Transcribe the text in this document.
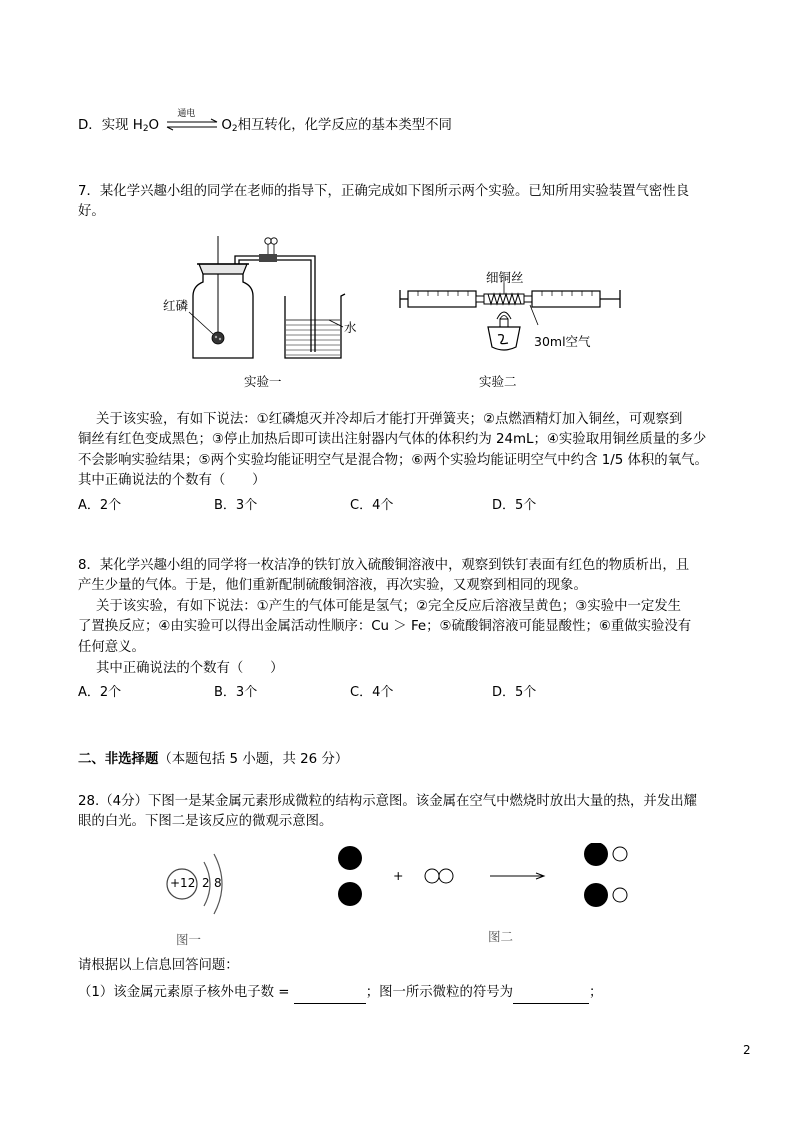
D．实现 $H_2O$
通电
$O_2$相互转化，化学反应的基本类型不同
7．某化学兴趣小组的同学在老师的指导下，正确完成如下图所示两个实验。已知所用实验装置气密性良
好。
红磷
水
实验一
细铜丝
30ml空气
实验二
关于该实验，有如下说法：①红磷熄灭并冷却后才能打开弹簧夹；②点燃酒精灯加入铜丝，可观察到
铜丝有红色变成黑色；③停止加热后即可读出注射器内气体的体积约为 24mL；④实验取用铜丝质量的多少
不会影响实验结果；⑤两个实验均能证明空气是混合物；⑥两个实验均能证明空气中约含 1/5 体积的氧气。
其中正确说法的个数有（　　）
A．2个	B．3个	C．4个	D．5个
8．某化学兴趣小组的同学将一枚洁净的铁钉放入硫酸铜溶液中，观察到铁钉表面有红色的物质析出，且
产生少量的气体。于是，他们重新配制硫酸铜溶液，再次实验，又观察到相同的现象。
关于该实验，有如下说法：①产生的气体可能是氢气；②完全反应后溶液呈黄色；③实验中一定发生
了置换反应；④由实验可以得出金属活动性顺序：Cu ＞ Fe；⑤硫酸铜溶液可能显酸性；⑥重做实验没有
任何意义。
其中正确说法的个数有（　　）
A．2个	B．3个	C．4个	D．5个
二、非选择题（本题包括 5 小题，共 26 分）
28.（4分）下图一是某金属元素形成微粒的结构示意图。该金属在空气中燃烧时放出大量的热，并发出耀
眼的白光。下图二是该反应的微观示意图。
+12 2 8
图一
+
图二
请根据以上信息回答问题：
（1）该金属元素原子核外电子数 =	；图一所示微粒的符号为	；
2
